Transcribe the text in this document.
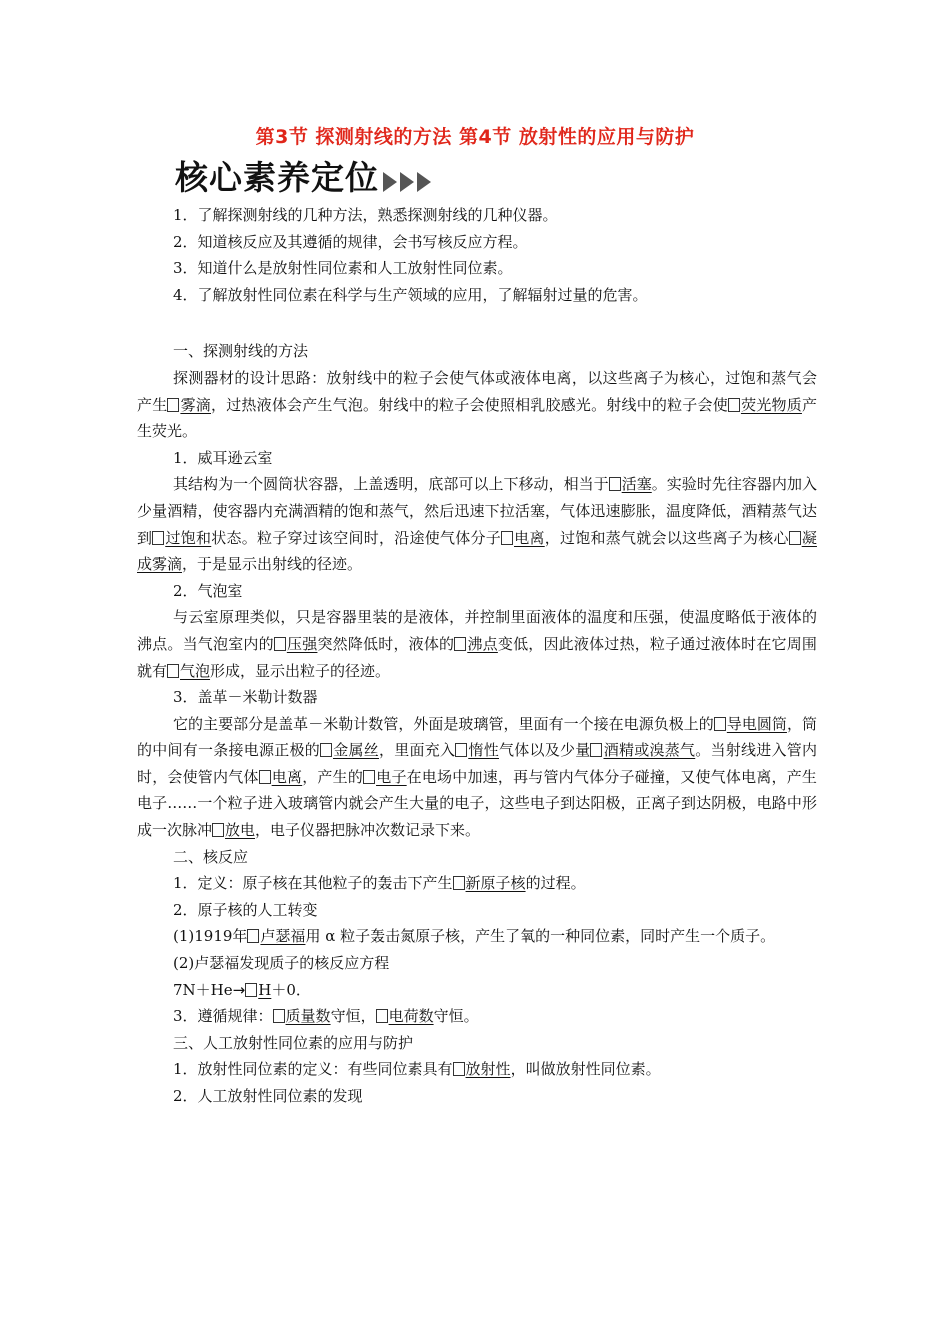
第3节 探测射线的方法 第4节 放射性的应用与防护
核心素养定位

1．了解探测射线的几种方法，熟悉探测射线的几种仪器。

2．知道核反应及其遵循的规律，会书写核反应方程。

3．知道什么是放射性同位素和人工放射性同位素。

4．了解放射性同位素在科学与生产领域的应用，了解辐射过量的危害。

一、探测射线的方法

探测器材的设计思路：放射线中的粒子会使气体或液体电离，以这些离子为核心，过饱和蒸气会产生 雾滴，过热液体会产生气泡。射线中的粒子会使照相乳胶感光。射线中的粒子会使 荧光物质产生荧光。

1．威耳逊云室

其结构为一个圆筒状容器，上盖透明，底部可以上下移动，相当于 活塞。实验时先往容器内加入少量酒精，使容器内充满酒精的饱和蒸气，然后迅速下拉活塞，气体迅速膨胀，温度降低，酒精蒸气达到 过饱和状态。粒子穿过该空间时，沿途使气体分子 电离，过饱和蒸气就会以这些离子为核心 凝成雾滴，于是显示出射线的径迹。

2．气泡室

与云室原理类似，只是容器里装的是液体，并控制里面液体的温度和压强，使温度略低于液体的沸点。当气泡室内的 压强突然降低时，液体的 沸点变低，因此液体过热，粒子通过液体时在它周围就有 气泡形成，显示出粒子的径迹。

3．盖革－米勒计数器

它的主要部分是盖革－米勒计数管，外面是玻璃管，里面有一个接在电源负极上的 导电圆筒，筒的中间有一条接电源正极的 金属丝，里面充入 惰性气体以及少量 酒精或溴蒸气。当射线进入管内时，会使管内气体 电离，产生的 电子在电场中加速，再与管内气体分子碰撞，又使气体电离，产生电子……一个粒子进入玻璃管内就会产生大量的电子，这些电子到达阳极，正离子到达阴极，电路中形成一次脉冲 放电，电子仪器把脉冲次数记录下来。

二、核反应

1．定义：原子核在其他粒子的轰击下产生 新原子核的过程。

2．原子核的人工转变

(1)1919年 卢瑟福用 α 粒子轰击氮原子核，产生了氧的一种同位素，同时产生一个质子。

(2)卢瑟福发现质子的核反应方程

7N＋He→ H＋0．

3．遵循规律： 质量数守恒， 电荷数守恒。

三、人工放射性同位素的应用与防护

1．放射性同位素的定义：有些同位素具有 放射性，叫做放射性同位素。

2．人工放射性同位素的发现
